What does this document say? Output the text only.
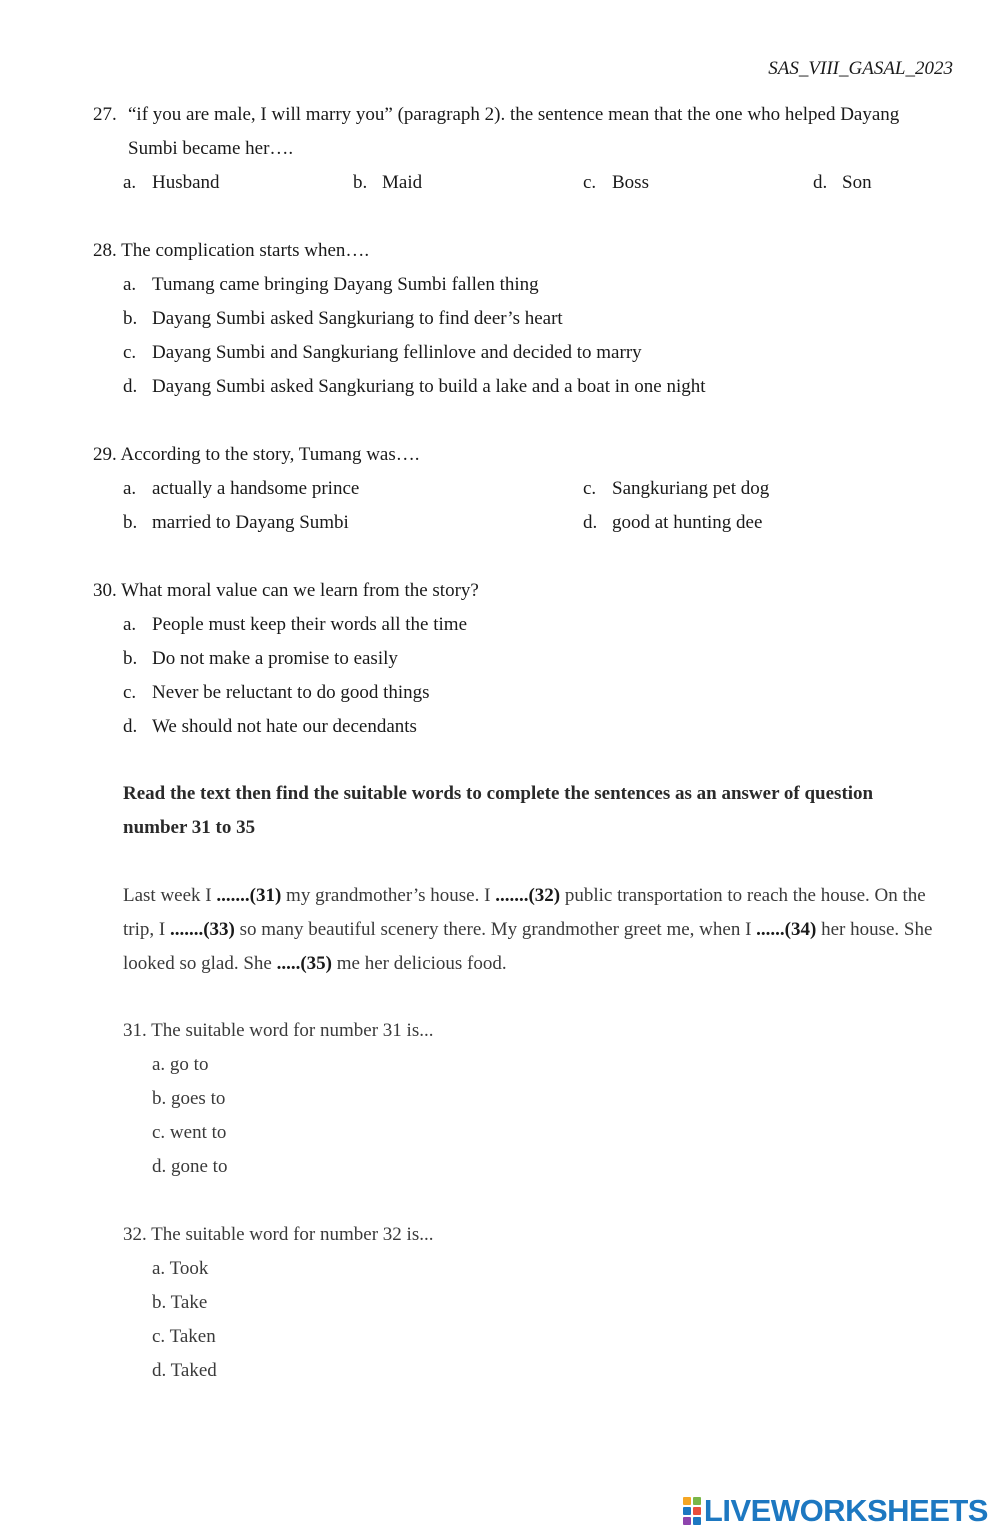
SAS_VIII_GASAL_2023
27. “if you are male, I will marry you” (paragraph 2). the sentence mean that the one who helped Dayang
Sumbi became her….
a. Husband	b. Maid	c. Boss	d. Son
28. The complication starts when….
a. Tumang came bringing Dayang Sumbi fallen thing
b. Dayang Sumbi asked Sangkuriang to find deer’s heart
c. Dayang Sumbi and Sangkuriang fellinlove and decided to marry
d. Dayang Sumbi asked Sangkuriang to build a lake and a boat in one night
29. According to the story, Tumang was….
a. actually a handsome prince
b. married to Dayang Sumbi
c. Sangkuriang pet dog
d. good at hunting dee
30. What moral value can we learn from the story?
a. People must keep their words all the time
b. Do not make a promise to easily
c. Never be reluctant to do good things
d. We should not hate our decendants
Read the text then find the suitable words to complete the sentences as an answer of question number 31 to 35
Last week I .......(31) my grandmother’s house. I .......(32) public transportation to reach the house. On the trip, I .......(33) so many beautiful scenery there. My grandmother greet me, when I ......(34) her house. She looked so glad. She .....(35) me her delicious food.
31. The suitable word for number 31 is...
a. go to
b. goes to
c. went to
d. gone to
32. The suitable word for number 32 is...
a. Took
b. Take
c. Taken
d. Taked
LIVEWORKSHEETS
